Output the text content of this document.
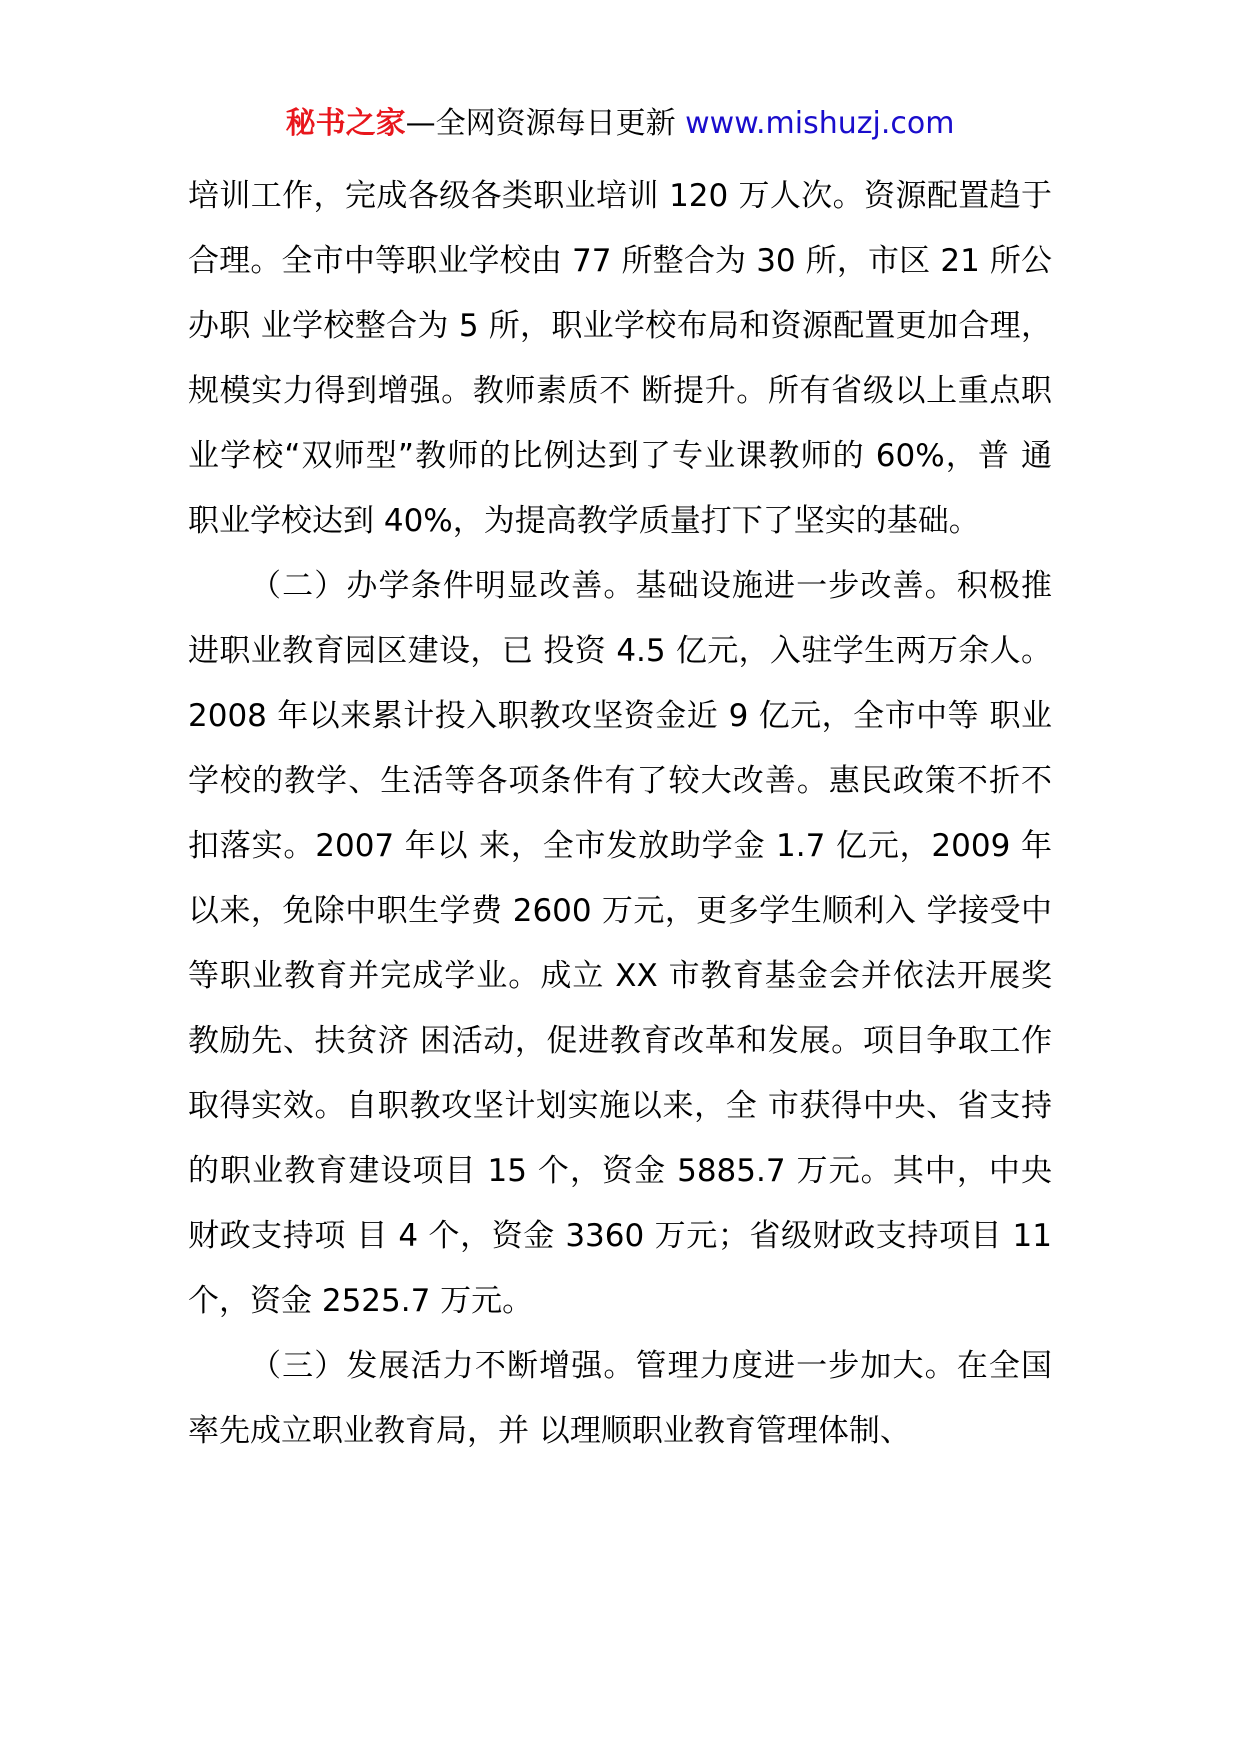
秘书之家—全网资源每日更新 www.mishuzj.com

培训工作，完成各级各类职业培训 120 万人次。资源配置趋于合理。全市中等职业学校由 77 所整合为 30 所，市区 21 所公办职 业学校整合为 5 所，职业学校布局和资源配置更加合理，规模实力得到增强。教师素质不 断提升。所有省级以上重点职业学校“双师型”教师的比例达到了专业课教师的 60%，普 通职业学校达到 40%，为提高教学质量打下了坚实的基础。

（二）办学条件明显改善。基础设施进一步改善。积极推进职业教育园区建设，已 投资 4.5 亿元，入驻学生两万余人。2008 年以来累计投入职教攻坚资金近 9 亿元，全市中等 职业学校的教学、生活等各项条件有了较大改善。惠民政策不折不扣落实。2007 年以 来，全市发放助学金 1.7 亿元，2009 年以来，免除中职生学费 2600 万元，更多学生顺利入 学接受中等职业教育并完成学业。成立 XX 市教育基金会并依法开展奖教励先、扶贫济 困活动，促进教育改革和发展。项目争取工作取得实效。自职教攻坚计划实施以来，全 市获得中央、省支持的职业教育建设项目 15 个，资金 5885.7 万元。其中，中央财政支持项 目 4 个，资金 3360 万元；省级财政支持项目 11 个，资金 2525.7 万元。

（三）发展活力不断增强。管理力度进一步加大。在全国率先成立职业教育局，并 以理顺职业教育管理体制、
